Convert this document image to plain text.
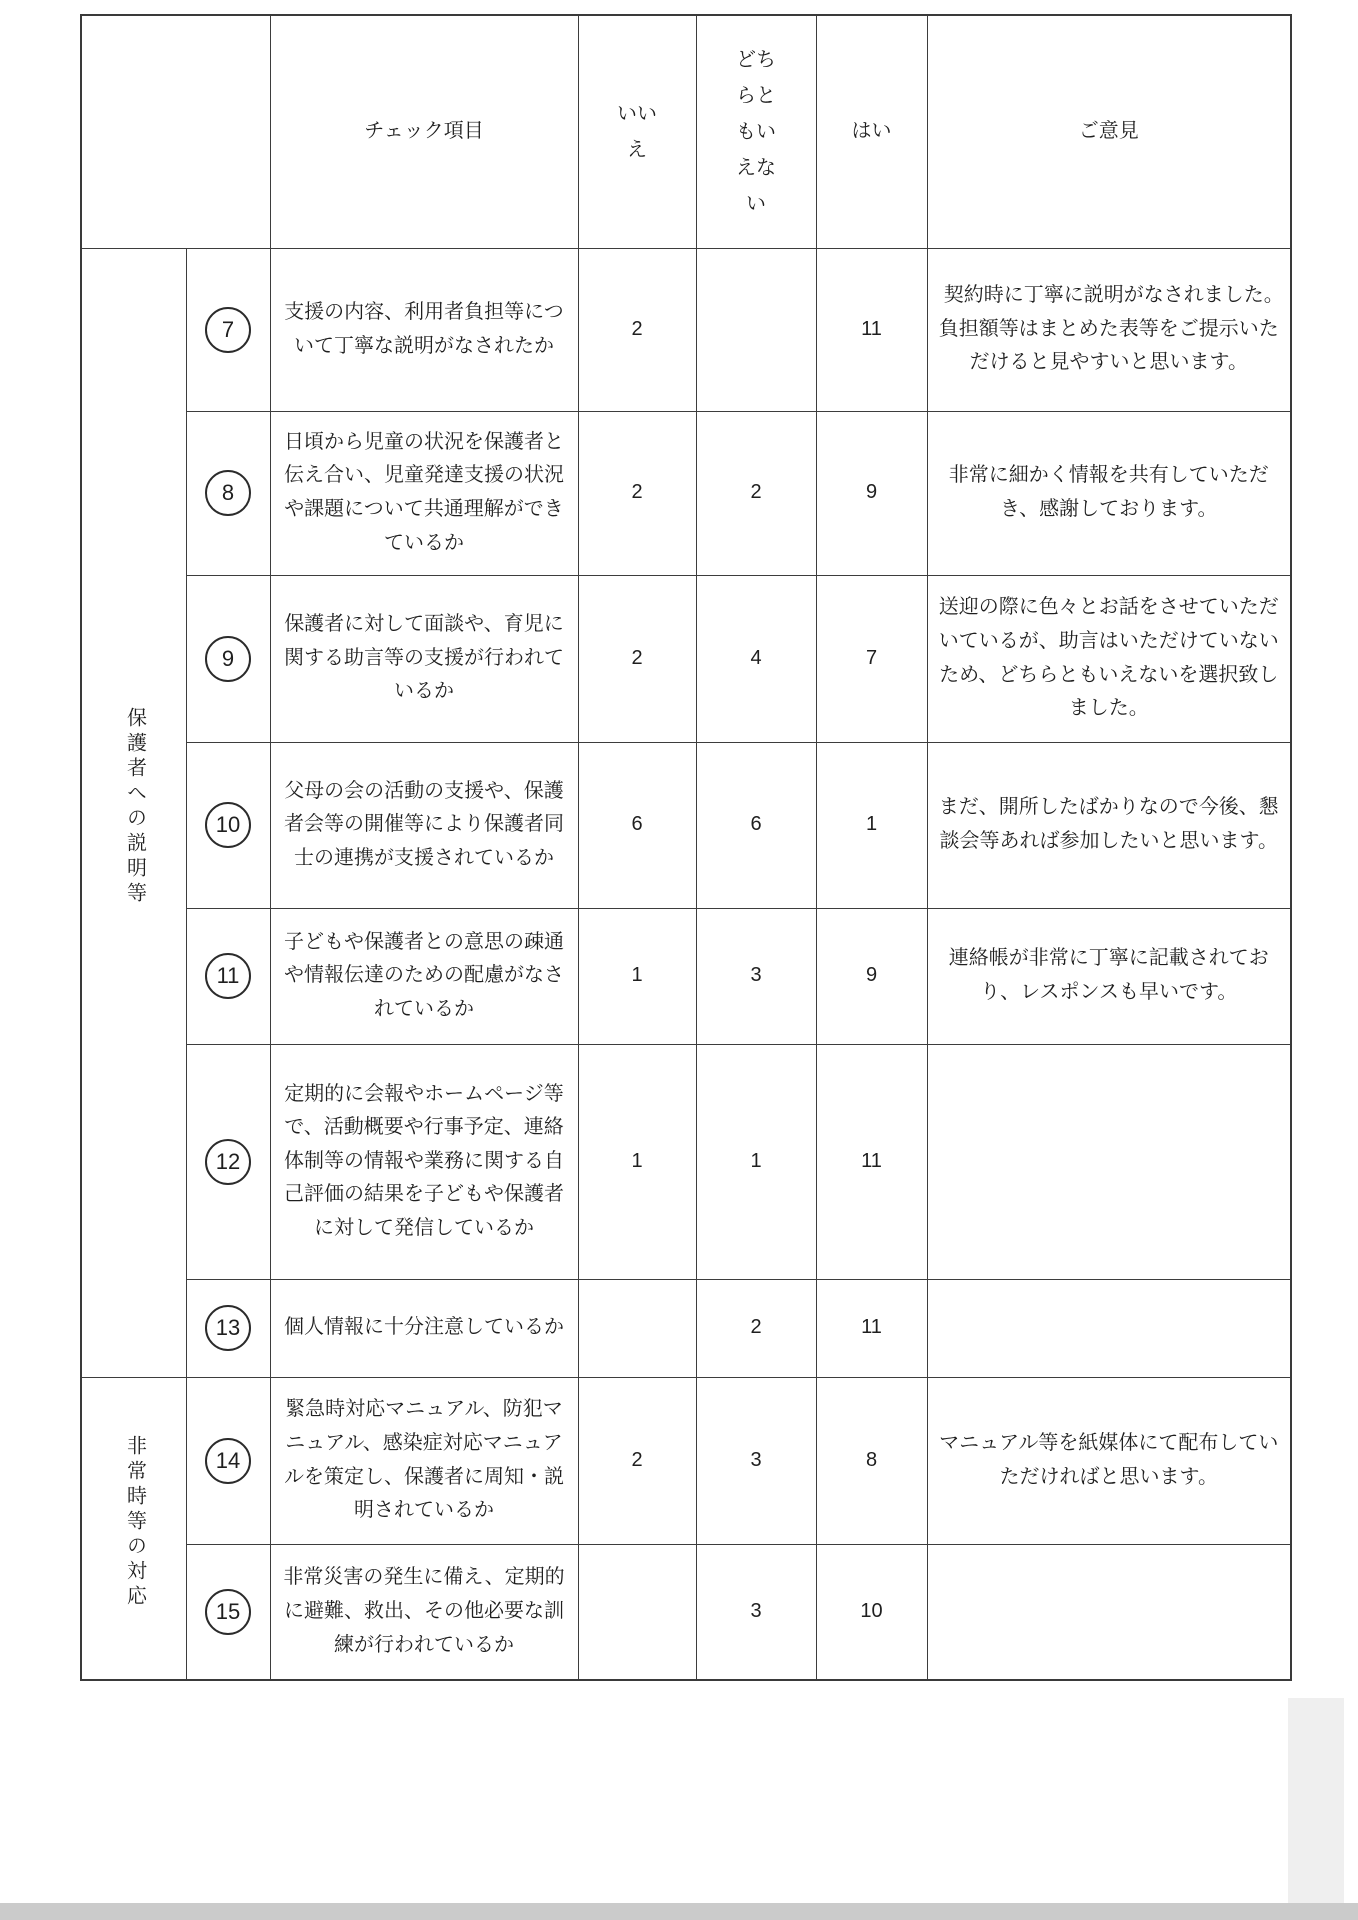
		チェック項目	いいえ	どちらともいえない	はい	ご意見
保護者への説明等	7	支援の内容、利用者負担等について丁寧な説明がなされたか	2		11	契約時に丁寧に説明がなされました。　　負担額等はまとめた表等をご提示いただけると見やすいと思います。
	8	日頃から児童の状況を保護者と伝え合い、児童発達支援の状況や課題について共通理解ができているか	2	2	9	非常に細かく情報を共有していただき、感謝しております。
	9	保護者に対して面談や、育児に関する助言等の支援が行われているか	2	4	7	送迎の際に色々とお話をさせていただいているが、助言はいただけていないため、どちらともいえないを選択致しました。
	10	父母の会の活動の支援や、保護者会等の開催等により保護者同士の連携が支援されているか	6	6	1	まだ、開所したばかりなので今後、懇談会等あれば参加したいと思います。
	11	子どもや保護者との意思の疎通や情報伝達のための配慮がなされているか	1	3	9	連絡帳が非常に丁寧に記載されており、レスポンスも早いです。
	12	定期的に会報やホームページ等で、活動概要や行事予定、連絡体制等の情報や業務に関する自己評価の結果を子どもや保護者に対して発信しているか	1	1	11	
	13	個人情報に十分注意しているか		2	11	
非常時等の対応	14	緊急時対応マニュアル、防犯マニュアル、感染症対応マニュアルを策定し、保護者に周知・説明されているか	2	3	8	マニュアル等を紙媒体にて配布していただければと思います。
	15	非常災害の発生に備え、定期的に避難、救出、その他必要な訓練が行われているか		3	10	
